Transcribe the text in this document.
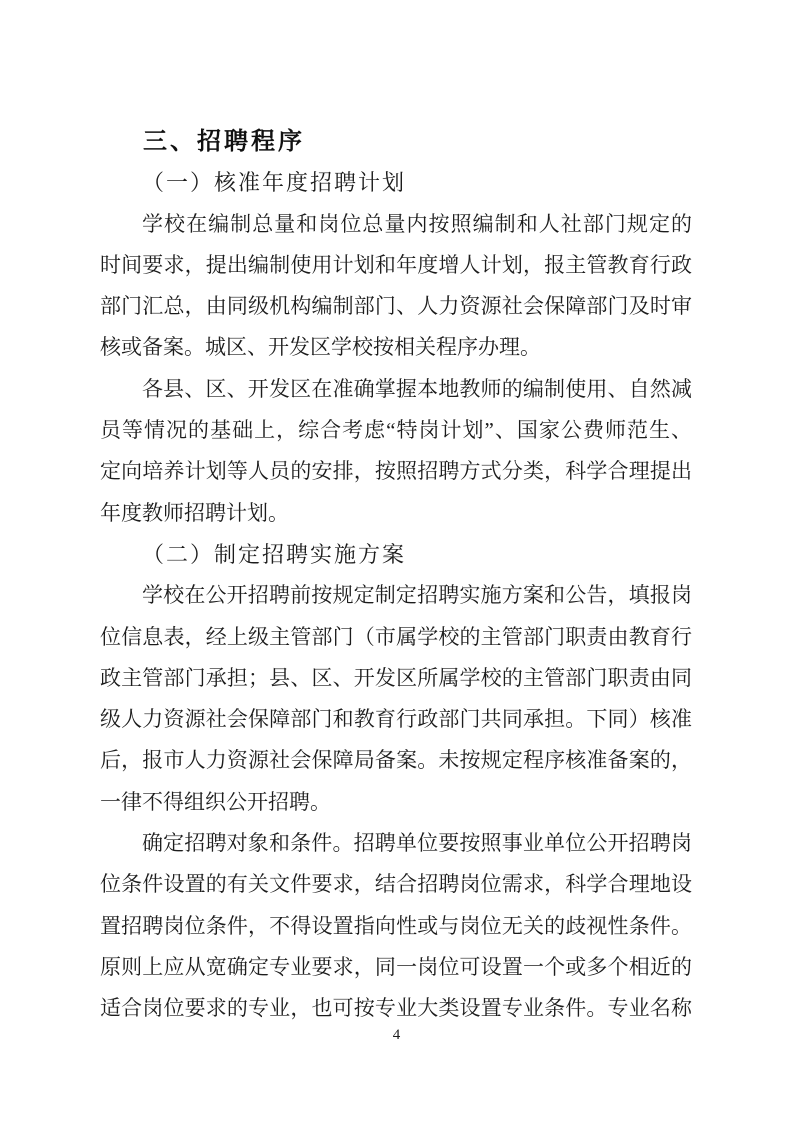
三、招聘程序
（一）核准年度招聘计划
学校在编制总量和岗位总量内按照编制和人社部门规定的
时间要求，提出编制使用计划和年度增人计划，报主管教育行政
部门汇总，由同级机构编制部门、人力资源社会保障部门及时审
核或备案。城区、开发区学校按相关程序办理。
各县、区、开发区在准确掌握本地教师的编制使用、自然减
员等情况的基础上，综合考虑“特岗计划”、国家公费师范生、
定向培养计划等人员的安排，按照招聘方式分类，科学合理提出
年度教师招聘计划。
（二）制定招聘实施方案
学校在公开招聘前按规定制定招聘实施方案和公告，填报岗
位信息表，经上级主管部门（市属学校的主管部门职责由教育行
政主管部门承担；县、区、开发区所属学校的主管部门职责由同
级人力资源社会保障部门和教育行政部门共同承担。下同）核准
后，报市人力资源社会保障局备案。未按规定程序核准备案的，
一律不得组织公开招聘。
确定招聘对象和条件。招聘单位要按照事业单位公开招聘岗
位条件设置的有关文件要求，结合招聘岗位需求，科学合理地设
置招聘岗位条件，不得设置指向性或与岗位无关的歧视性条件。
原则上应从宽确定专业要求，同一岗位可设置一个或多个相近的
适合岗位要求的专业，也可按专业大类设置专业条件。专业名称
4
